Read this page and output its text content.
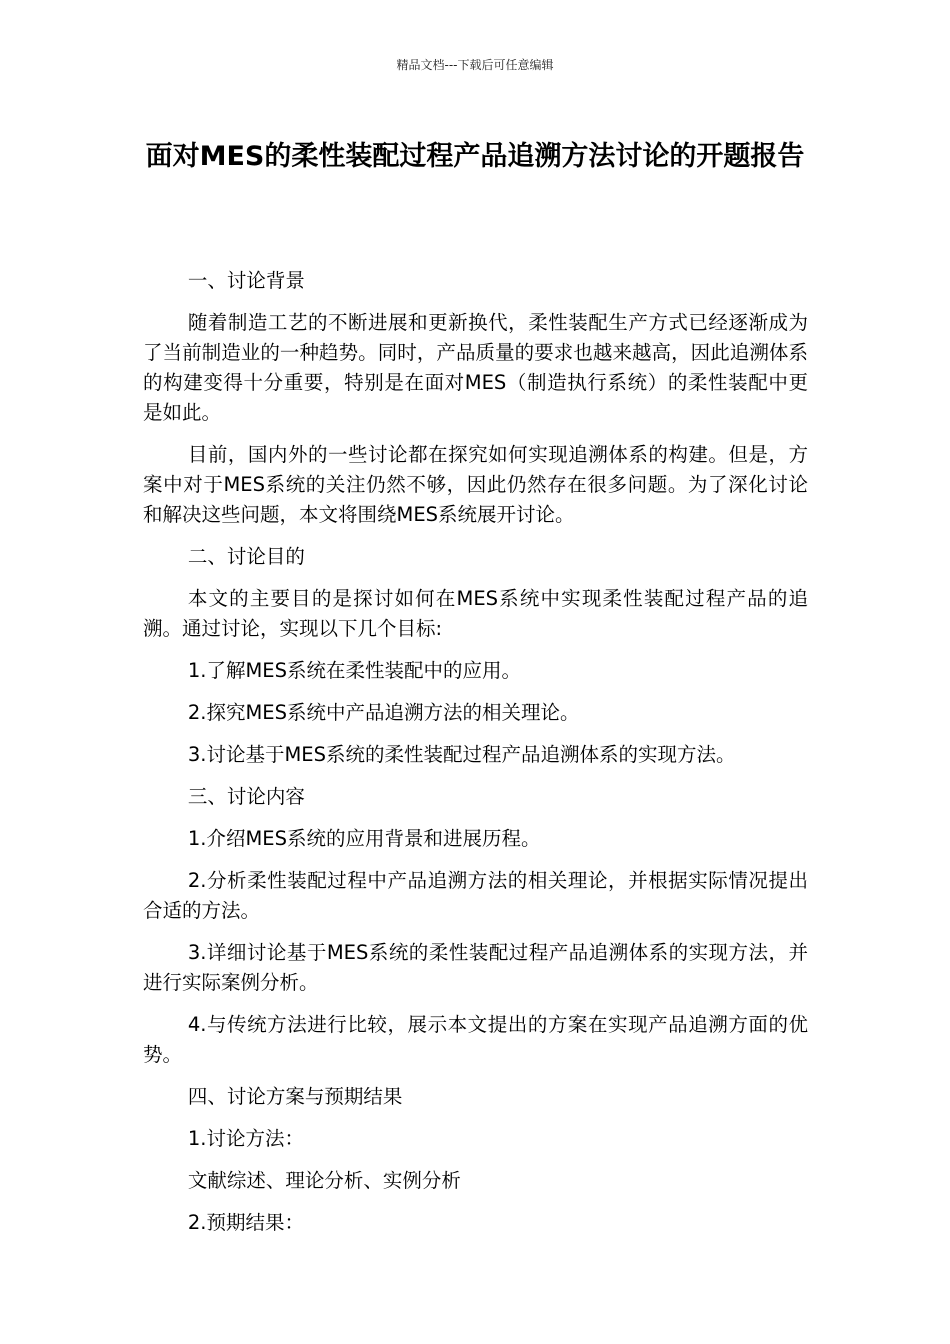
精品文档---下载后可任意编辑
面对MES的柔性装配过程产品追溯方法讨论的开题报告

一、讨论背景

随着制造工艺的不断进展和更新换代，柔性装配生产方式已经逐渐成为了当前制造业的一种趋势。同时，产品质量的要求也越来越高，因此追溯体系的构建变得十分重要，特别是在面对MES（制造执行系统）的柔性装配中更是如此。

目前，国内外的一些讨论都在探究如何实现追溯体系的构建。但是，方案中对于MES系统的关注仍然不够，因此仍然存在很多问题。为了深化讨论和解决这些问题，本文将围绕MES系统展开讨论。

二、讨论目的

本文的主要目的是探讨如何在MES系统中实现柔性装配过程产品的追溯。通过讨论，实现以下几个目标:

1.了解MES系统在柔性装配中的应用。

2.探究MES系统中产品追溯方法的相关理论。

3.讨论基于MES系统的柔性装配过程产品追溯体系的实现方法。

三、讨论内容

1.介绍MES系统的应用背景和进展历程。

2.分析柔性装配过程中产品追溯方法的相关理论，并根据实际情况提出合适的方法。

3.详细讨论基于MES系统的柔性装配过程产品追溯体系的实现方法，并进行实际案例分析。

4.与传统方法进行比较，展示本文提出的方案在实现产品追溯方面的优势。

四、讨论方案与预期结果

1.讨论方法：

文献综述、理论分析、实例分析

2.预期结果：
